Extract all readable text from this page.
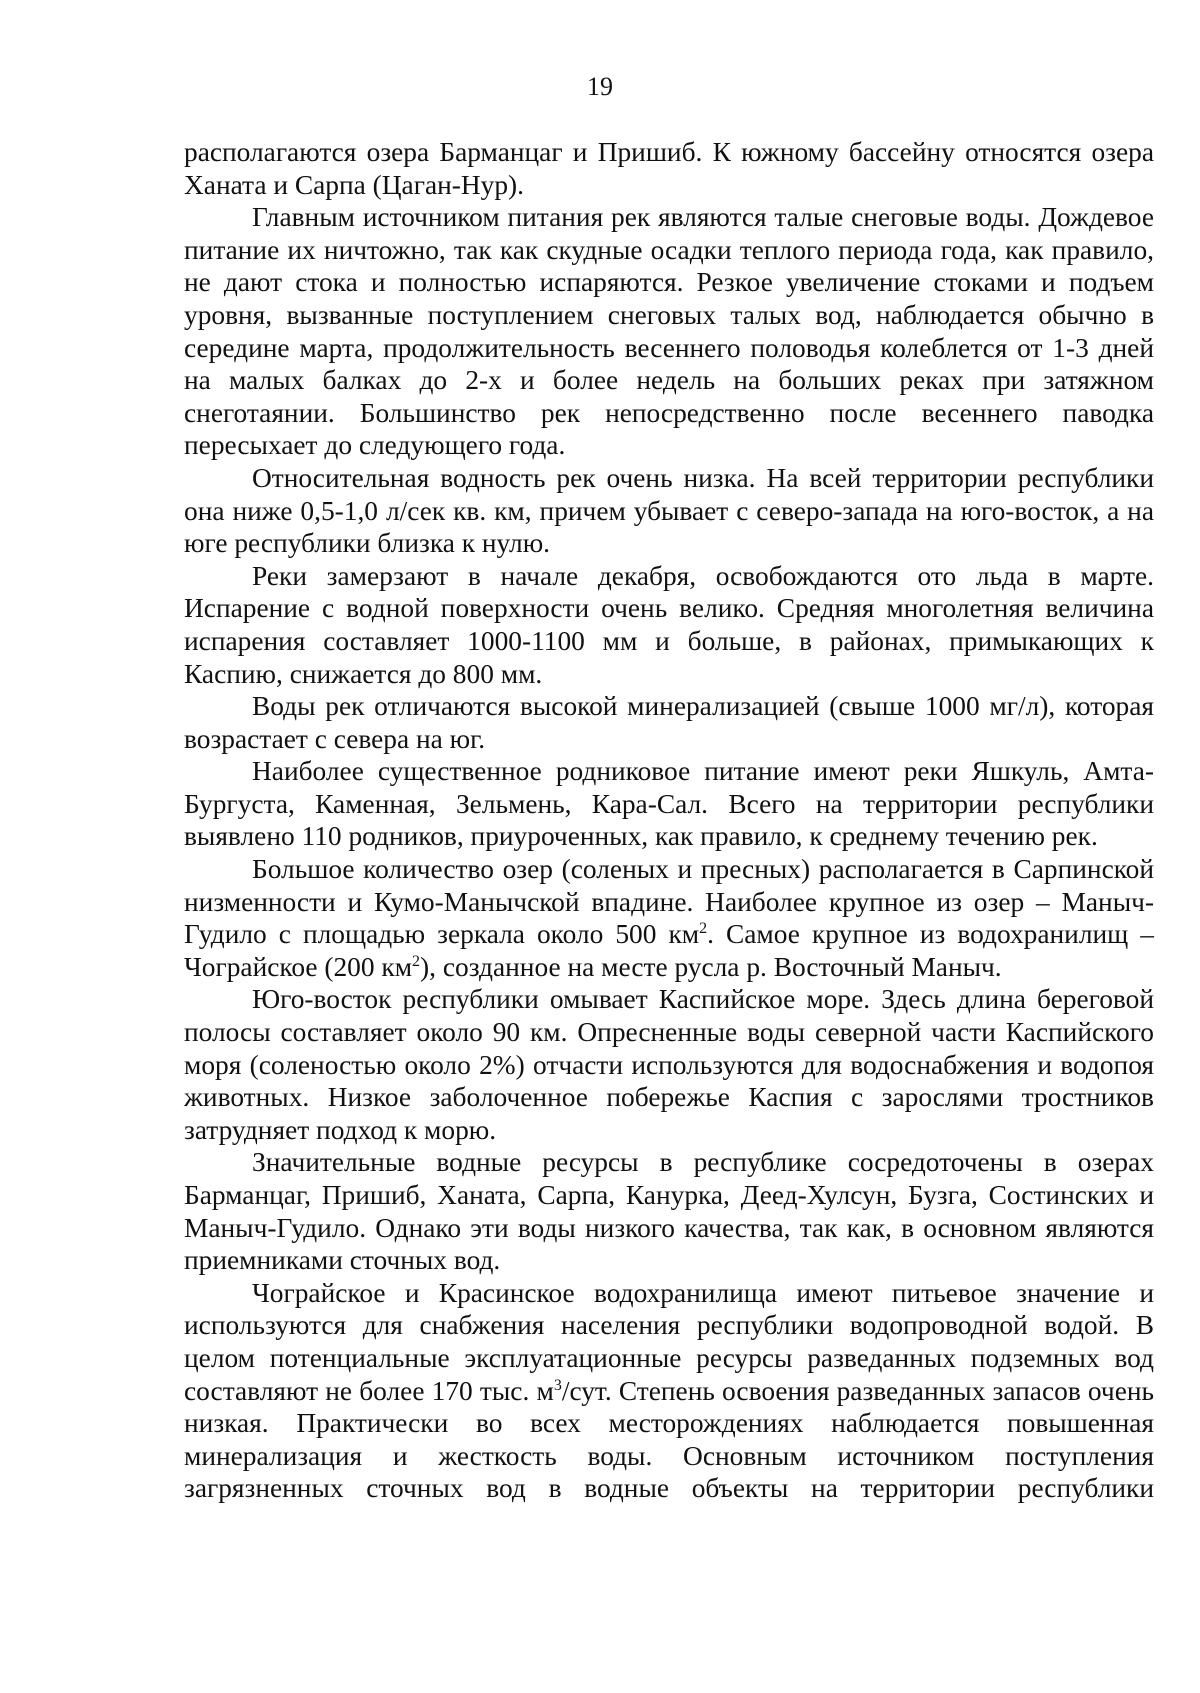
19

располагаются озера Барманцаг и Пришиб. К южному бассейну относятся озера Ханата и Сарпа (Цаган-Нур).

Главным источником питания рек являются талые снеговые воды. Дождевое питание их ничтожно, так как скудные осадки теплого периода года, как правило, не дают стока и полностью испаряются. Резкое увеличение стоками и подъем уровня, вызванные поступлением снеговых талых вод, наблюдается обычно в середине марта, продолжительность весеннего половодья колеблется от 1-3 дней на малых балках до 2-х и более недель на больших реках при затяжном снеготаянии. Большинство рек непосредственно после весеннего паводка пересыхает до следующего года.

Относительная водность рек очень низка. На всей территории республики она ниже 0,5-1,0 л/сек кв. км, причем убывает с северо-запада на юго-восток, а на юге республики близка к нулю.

Реки замерзают в начале декабря, освобождаются ото льда в марте. Испарение с водной поверхности очень велико. Средняя многолетняя величина испарения составляет 1000-1100 мм и больше, в районах, примыкающих к Каспию, снижается до 800 мм.

Воды рек отличаются высокой минерализацией (свыше 1000 мг/л), которая возрастает с севера на юг.

Наиболее существенное родниковое питание имеют реки Яшкуль, Амта-Бургуста, Каменная, Зельмень, Кара-Сал. Всего на территории республики выявлено 110 родников, приуроченных, как правило, к среднему течению рек.

Большое количество озер (соленых и пресных) располагается в Сарпинской низменности и Кумо-Манычской впадине. Наиболее крупное из озер – Маныч-Гудило с площадью зеркала около 500 $км^2$. Самое крупное из водохранилищ – Чограйское (200 $км^2$), созданное на месте русла р. Восточный Маныч.

Юго-восток республики омывает Каспийское море. Здесь длина береговой полосы составляет около 90 км. Опресненные воды северной части Каспийского моря (соленостью около 2%) отчасти используются для водоснабжения и водопоя животных. Низкое заболоченное побережье Каспия с зарослями тростников затрудняет подход к морю.

Значительные водные ресурсы в республике сосредоточены в озерах Барманцаг, Пришиб, Ханата, Сарпа, Канурка, Деед-Хулсун, Бузга, Состинских и Маныч-Гудило. Однако эти воды низкого качества, так как, в основном являются приемниками сточных вод.

Чограйское и Красинское водохранилища имеют питьевое значение и используются для снабжения населения республики водопроводной водой. В целом потенциальные эксплуатационные ресурсы разведанных подземных вод составляют не более 170 тыс. $м^3$/сут. Степень освоения разведанных запасов очень низкая. Практически во всех месторождениях наблюдается повышенная минерализация и жесткость воды. Основным источником поступления загрязненных сточных вод в водные объекты на территории республики
